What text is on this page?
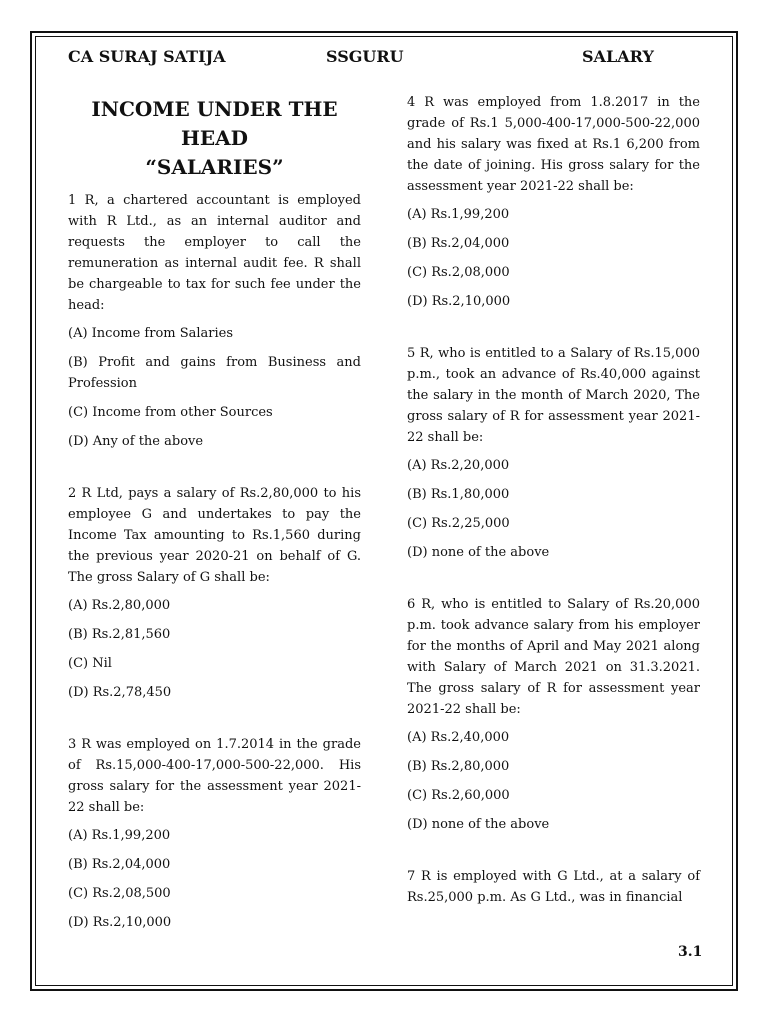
CA SURAJ SATIJA	SSGURU	SALARY
INCOME UNDER THE HEAD
“SALARIES”
1 R, a chartered accountant is employed with R Ltd., as an internal auditor and requests the employer to call the remuneration as internal audit fee. R shall be chargeable to tax for such fee under the head:
(A) Income from Salaries
(B) Profit and gains from Business and Profession
(C) Income from other Sources
(D) Any of the above
2 R Ltd, pays a salary of Rs.2,80,000 to his employee G and undertakes to pay the Income Tax amounting to Rs.1,560 during the previous year 2020-21 on behalf of G. The gross Salary of G shall be:
(A) Rs.2,80,000
(B) Rs.2,81,560
(C) Nil
(D) Rs.2,78,450
3 R was employed on 1.7.2014 in the grade of Rs.15,000-400-17,000-500-22,000. His gross salary for the assessment year 2021-22 shall be:
(A) Rs.1,99,200
(B) Rs.2,04,000
(C) Rs.2,08,500
(D) Rs.2,10,000
4 R was employed from 1.8.2017 in the grade of Rs.1 5,000-400-17,000-500-22,000 and his salary was fixed at Rs.1 6,200 from the date of joining. His gross salary for the assessment year 2021-22 shall be:
(A) Rs.1,99,200
(B) Rs.2,04,000
(C) Rs.2,08,000
(D) Rs.2,10,000
5 R, who is entitled to a Salary of Rs.15,000 p.m., took an advance of Rs.40,000 against the salary in the month of March 2020, The gross salary of R for assessment year 2021-22 shall be:
(A) Rs.2,20,000
(B) Rs.1,80,000
(C) Rs.2,25,000
(D) none of the above
6 R, who is entitled to Salary of Rs.20,000 p.m. took advance salary from his employer for the months of April and May 2021 along with Salary of March 2021 on 31.3.2021. The gross salary of R for assessment year 2021-22 shall be:
(A) Rs.2,40,000
(B) Rs.2,80,000
(C) Rs.2,60,000
(D) none of the above
7 R is employed with G Ltd., at a salary of Rs.25,000 p.m. As G Ltd., was in financial
3.1
